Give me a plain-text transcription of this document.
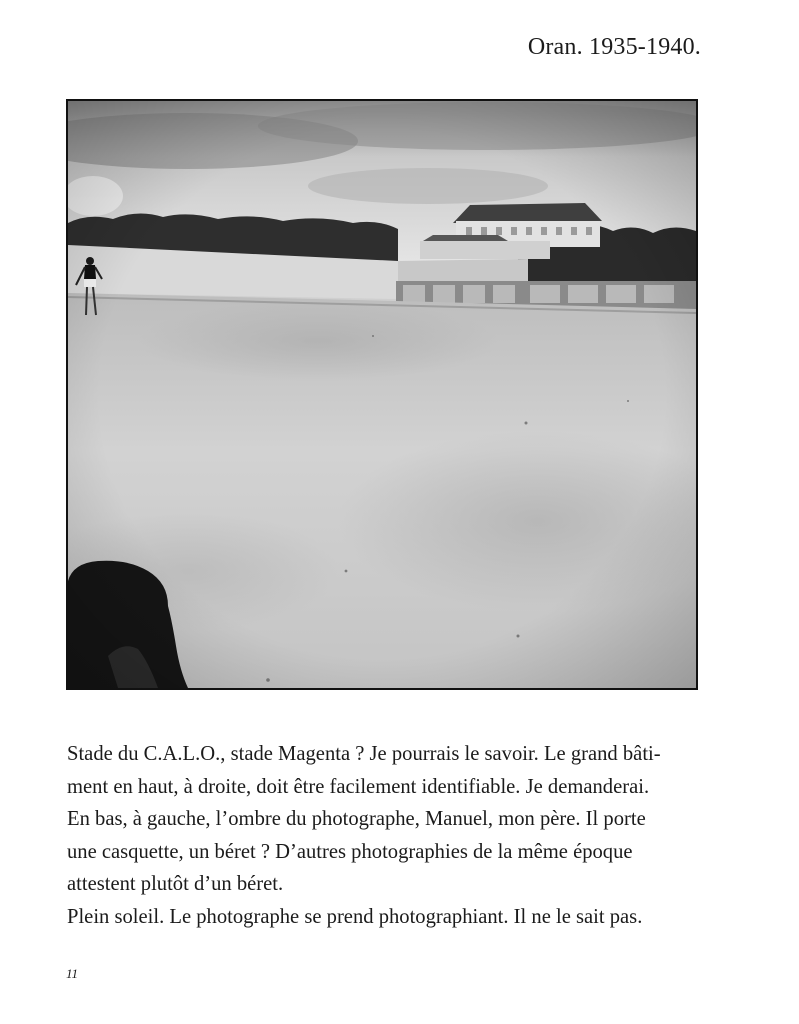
Oran. 1935-1940.

Stade du C.A.L.O., stade Magenta ? Je pourrais le savoir. Le grand bâti-

ment en haut, à droite, doit être facilement identifiable. Je demanderai.

En bas, à gauche, l’ombre du photographe, Manuel, mon père. Il porte

une casquette, un béret ? D’autres photographies de la même époque

attestent plutôt d’un béret.

Plein soleil. Le photographe se prend photographiant. Il ne le sait pas.

11
